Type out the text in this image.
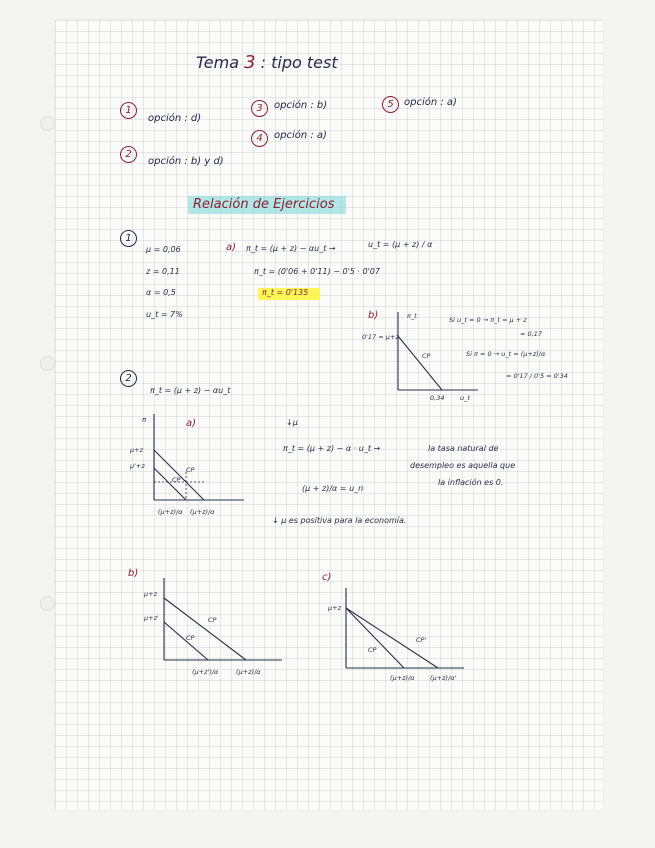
Tema 3 : tipo test
1
opción : d)
2
opción : b) y d)
3	opción : b)
4	opción : a)
5	opción : a)
Relación de Ejercicios
1
μ = 0,06
z = 0,11
α = 0,5
u_t = 7%
a) π_t = (μ + z) − αu_t →	u_t = (μ + z) / α
π_t = (0'06 + 0'11) − 0'5 · 0'07
π_t = 0'135
b)	π_t
0'17 = μ+z
CP
0,34 u_t
Si u_t = 0 → π_t = μ + z
= 0,17
Si π = 0 → u_t = (μ+z)/α
= 0'17 / 0'5 = 0'34
2
π_t = (μ + z) − αu_t
a)
π
μ+z
μ'+z	CP
CP
(μ+z)/α (μ+z)/α
↓μ
π_t = (μ + z) − α · u_t →	la tasa natural de
desempleo es aquella que
la inflación es 0.
(μ + z)/α = u_n
↓ μ es positiva para la economía.
b)
μ+z
μ+z'	CP
CP
(μ+z')/α	(μ+z)/α
c)
μ+z
CP
CP'
(μ+z)/α (μ+z)/α'
